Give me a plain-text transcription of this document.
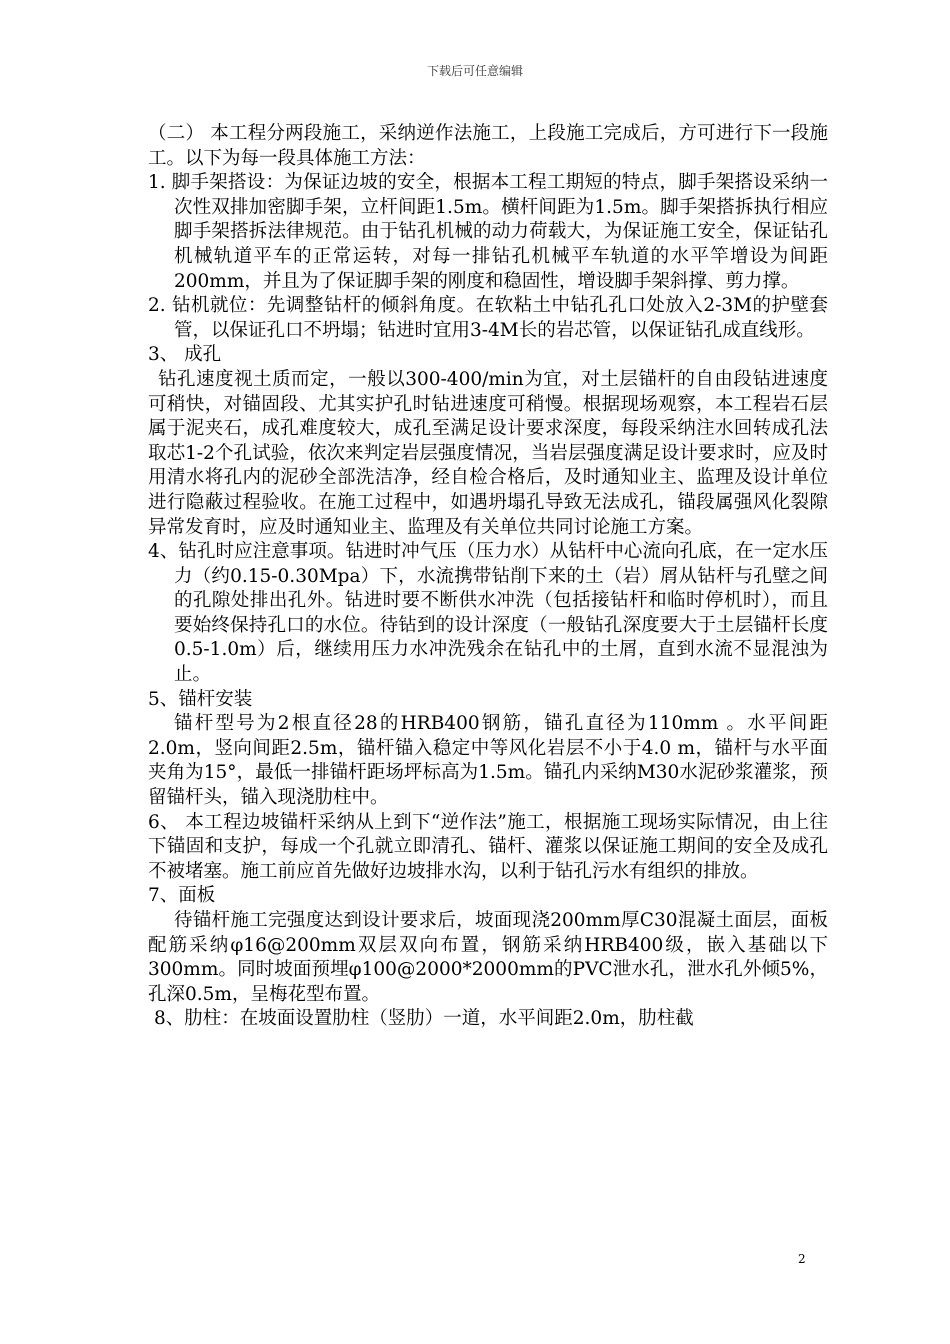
下载后可任意编辑

（二） 本工程分两段施工，采纳逆作法施工，上段施工完成后，方可进行下一段施工。以下为每一段具体施工方法：

1. 脚手架搭设：为保证边坡的安全，根据本工程工期短的特点，脚手架搭设采纳一次性双排加密脚手架，立杆间距1.5m。横杆间距为1.5m。脚手架搭拆执行相应脚手架搭拆法律规范。由于钻孔机械的动力荷载大，为保证施工安全，保证钻孔机械轨道平车的正常运转，对每一排钻孔机械平车轨道的水平竿增设为间距200mm，并且为了保证脚手架的刚度和稳固性，增设脚手架斜撑、剪力撑。

2. 钻机就位：先调整钻杆的倾斜角度。在软粘土中钻孔孔口处放入2-3M的护壁套管，以保证孔口不坍塌；钻进时宜用3-4M长的岩芯管，以保证钻孔成直线形。

3、 成孔

钻孔速度视土质而定，一般以300-400/min为宜，对土层锚杆的自由段钻进速度可稍快，对锚固段、尤其实护孔时钻进速度可稍慢。根据现场观察，本工程岩石层属于泥夹石，成孔难度较大，成孔至满足设计要求深度，每段采纳注水回转成孔法取芯1-2个孔试验，依次来判定岩层强度情况，当岩层强度满足设计要求时，应及时用清水将孔内的泥砂全部洗洁净，经自检合格后，及时通知业主、监理及设计单位进行隐蔽过程验收。在施工过程中，如遇坍塌孔导致无法成孔，锚段属强风化裂隙异常发育时，应及时通知业主、监理及有关单位共同讨论施工方案。

4、钻孔时应注意事项。钻进时冲气压（压力水）从钻杆中心流向孔底，在一定水压力（约0.15-0.30Mpa）下，水流携带钻削下来的土（岩）屑从钻杆与孔壁之间的孔隙处排出孔外。钻进时要不断供水冲洗（包括接钻杆和临时停机时），而且要始终保持孔口的水位。待钻到的设计深度（一般钻孔深度要大于土层锚杆长度0.5-1.0m）后，继续用压力水冲洗残余在钻孔中的土屑，直到水流不显混浊为止。

5、锚杆安装

锚杆型号为2根直径28的HRB400钢筋，锚孔直径为110mm 。水平间距2.0m，竖向间距2.5m，锚杆锚入稳定中等风化岩层不小于4.0 m，锚杆与水平面夹角为15°，最低一排锚杆距场坪标高为1.5m。锚孔内采纳M30水泥砂浆灌浆，预留锚杆头，锚入现浇肋柱中。

6、 本工程边坡锚杆采纳从上到下“逆作法”施工，根据施工现场实际情况，由上往下锚固和支护，每成一个孔就立即清孔、锚杆、灌浆以保证施工期间的安全及成孔不被堵塞。施工前应首先做好边坡排水沟，以利于钻孔污水有组织的排放。

7、面板

待锚杆施工完强度达到设计要求后，坡面现浇200mm厚C30混凝土面层，面板配筋采纳φ16@200mm双层双向布置，钢筋采纳HRB400级，嵌入基础以下300mm。同时坡面预埋φ100@2000*2000mm的PVC泄水孔，泄水孔外倾5%，孔深0.5m，呈梅花型布置。

8、肋柱：在坡面设置肋柱（竖肋）一道，水平间距2.0m，肋柱截

2
